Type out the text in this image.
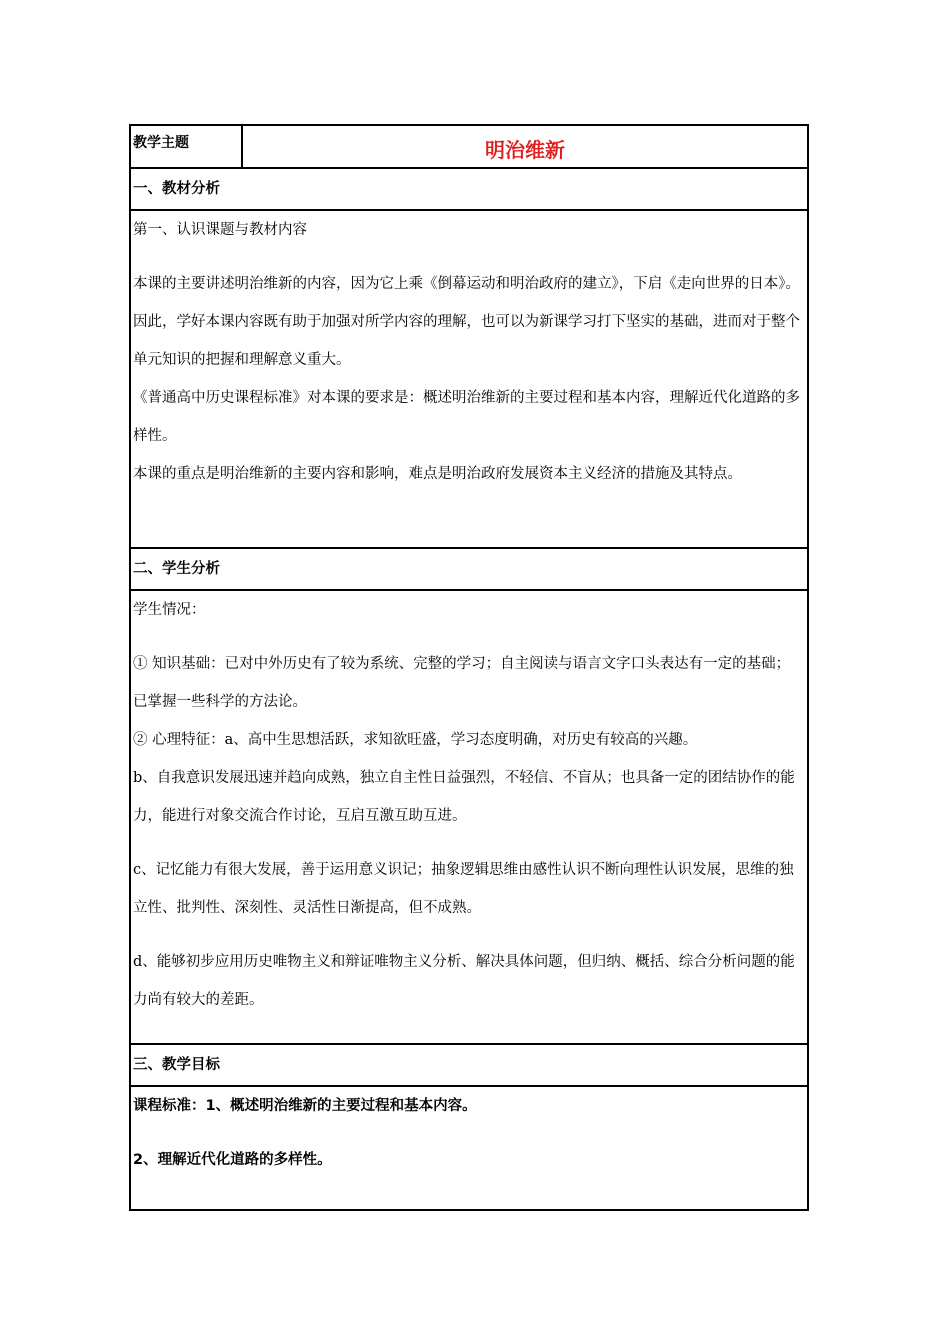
教学主题	明治维新
一、教材分析

第一、认识课题与教材内容

本课的主要讲述明治维新的内容，因为它上乘《倒幕运动和明治政府的建立》，下启《走向世界的日本》。因此，学好本课内容既有助于加强对所学内容的理解，也可以为新课学习打下坚实的基础，进而对于整个单元知识的把握和理解意义重大。

《普通高中历史课程标准》对本课的要求是：概述明治维新的主要过程和基本内容，理解近代化道路的多样性。

本课的重点是明治维新的主要内容和影响，难点是明治政府发展资本主义经济的措施及其特点。

二、学生分析

学生情况：

① 知识基础：已对中外历史有了较为系统、完整的学习；自主阅读与语言文字口头表达有一定的基础；已掌握一些科学的方法论。

② 心理特征：a、高中生思想活跃，求知欲旺盛，学习态度明确，对历史有较高的兴趣。

b、自我意识发展迅速并趋向成熟，独立自主性日益强烈，不轻信、不盲从；也具备一定的团结协作的能力，能进行对象交流合作讨论，互启互激互助互进。

c、记忆能力有很大发展，善于运用意义识记；抽象逻辑思维由感性认识不断向理性认识发展，思维的独立性、批判性、深刻性、灵活性日渐提高，但不成熟。

d、能够初步应用历史唯物主义和辩证唯物主义分析、解决具体问题，但归纳、概括、综合分析问题的能力尚有较大的差距。

三、教学目标

课程标准：1、概述明治维新的主要过程和基本内容。

2、理解近代化道路的多样性。
